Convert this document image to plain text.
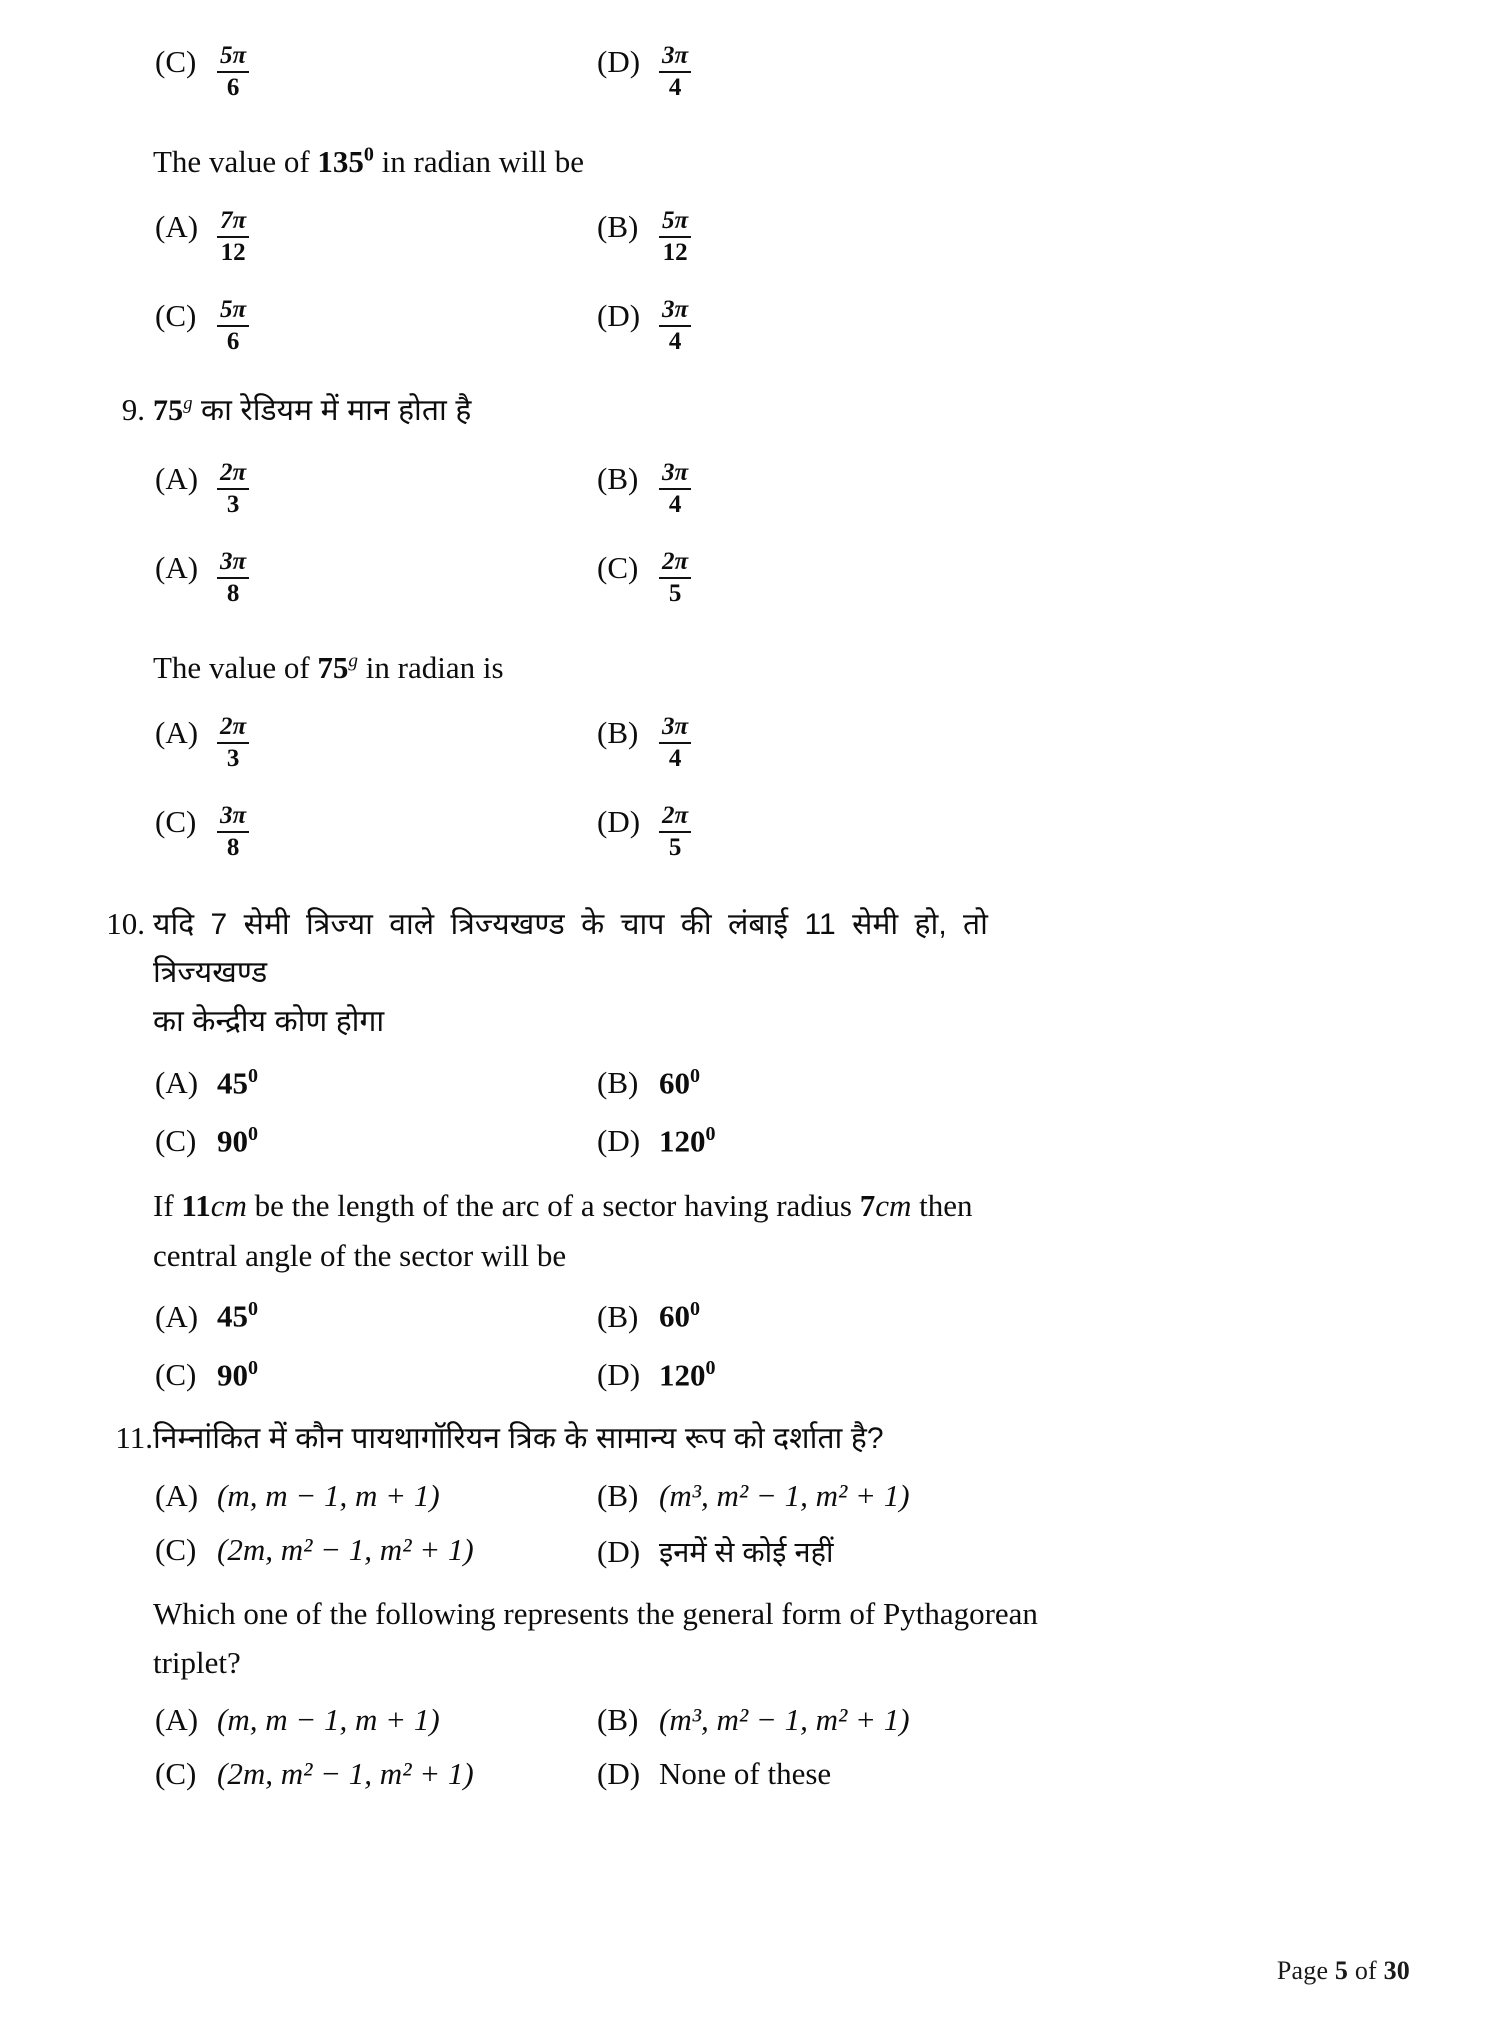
$(C) \frac{5\pi}{6}$	$(D) \frac{3\pi}{4}$
The value of $135^0$ in radian will be
$(A) \frac{7\pi}{12}$	$(B) \frac{5\pi}{12}$
$(C) \frac{5\pi}{6}$	$(D) \frac{3\pi}{4}$
9. 75$^g$ का रेडियम में मान होता है
$(A) \frac{2\pi}{3}$	$(B) \frac{3\pi}{4}$
$(A) \frac{3\pi}{8}$	$(C) \frac{2\pi}{5}$
The value of 75$^g$ in radian is
$(A) \frac{2\pi}{3}$	$(B) \frac{3\pi}{4}$
$(C) \frac{3\pi}{8}$	$(D) \frac{2\pi}{5}$
10. यदि 7 सेमी त्रिज्या वाले त्रिज्यखण्ड के चाप की लंबाई 11 सेमी हो, तो त्रिज्यखण्ड
का केन्द्रीय कोण होगा
(A) $45^0$	(B) $60^0$
(C) $90^0$	(D) $120^0$
If 11cm be the length of the arc of a sector having radius 7cm then
central angle of the sector will be
(A) $45^0$	(B) $60^0$
(C) $90^0$	(D) $120^0$
11. निम्नांकित में कौन पायथागॉरियन त्रिक के सामान्य रूप को दर्शाता है?
(A) (m, m − 1, m + 1)	(B) (m³, m² − 1, m² + 1)
(C) (2m, m² − 1, m² + 1)	(D) इनमें से कोई नहीं
Which one of the following represents the general form of Pythagorean
triplet?
(A) (m, m − 1, m + 1)	(B) (m³, m² − 1, m² + 1)
(C) (2m, m² − 1, m² + 1)	(D) None of these
Page 5 of 30
